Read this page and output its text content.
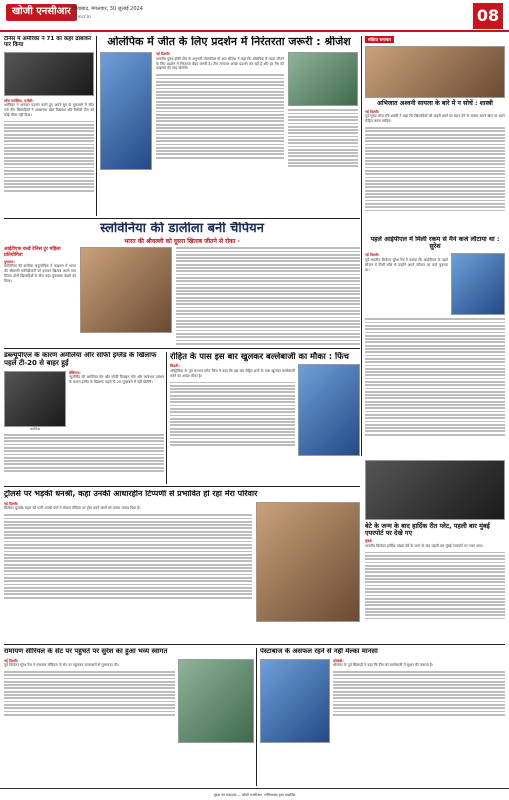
खोजी एनसीआर
गाजियाबाद, मंगलवार, 30 जुलाई 2024
khojincr.in	08
टेनिस में अमेरिका ने 71 का कहर ढाबाकर पार किया
लॉस एंजेलिस, एजेंसी।
अमेरिका ने शानदार प्रदर्शन करते हुए अपने ग्रुप के मुकाबले में जीत दर्ज की। खिलाड़ियों ने आक्रामक खेल दिखाया और विरोधी टीम को कोई मौका नहीं दिया।
ओलंपिक में जीत के लिए प्रदर्शन में निरंतरता जरूरी : श्रीजेश
नई दिल्ली।
भारतीय पुरुष हॉकी टीम के अनुभवी गोलकीपर पी आर श्रीजेश ने कहा कि ओलंपिक में पदक जीतने के लिए प्रदर्शन में निरंतरता बेहद जरूरी है। टीम लगातार अच्छा प्रदर्शन कर रही है और हर मैच को फाइनल की तरह खेलेगी।
संक्षिप्त समाचार
अभिजात अश्वनी सायला के बारे में न सोचें : शास्त्री
नई दिल्ली।
पूर्व मुख्य कोच रवि शास्त्री ने कहा कि खिलाड़ियों को बाहरी बातों पर ध्यान देने के बजाय अपने खेल पर ध्यान केंद्रित करना चाहिए।
स्लोवेनिया की डालीला बनी चैंपियन
भारत की श्रीवल्ली को दूसरा खिताब जीतने से रोका -
आईटीएफ वर्ल्ड टेनिस टूर महिला प्रतियोगिता
गुरुग्राम।
स्लोवेनिया की डालीला जकुपोविक ने फाइनल में भारत की श्रीवल्ली भामिडीपाटी को हराकर खिताब अपने नाम किया। दोनों खिलाड़ियों के बीच कड़ा मुकाबला देखने को मिला।
पहले आईपीएल में मिली रकम से मैने कर्ज लौटाया था : सुरेश
नई दिल्ली।
पूर्व भारतीय क्रिकेटर सुरेश रैना ने बताया कि आईपीएल के पहले सीजन में मिली राशि से उन्होंने अपने परिवार का कर्ज चुकाया था।
डब्ल्यूपीएल के कारण अमेलिया और सोफी इंग्लैंड के खिलाफ पहले टी-20 से बाहर हुईं
अमेलिया
वेलिंग्टन।
न्यूजीलैंड की अमेलिया केर और सोफी डिवाइन चोट और कार्यभार प्रबंधन के कारण इंग्लैंड के खिलाफ पहले टी-20 मुकाबले में नहीं खेलेंगी।
रोहित के पास इस बार खुलकर बल्लेबाजी का मौका : फिंच
सिडनी।
ऑस्ट्रेलिया के पूर्व कप्तान एरोन फिंच ने कहा कि इस बार रोहित शर्मा के पास खुलकर बल्लेबाजी करने का अच्छा मौका है।
ट्रॉलर्स पर भड़कीं धनश्री, कहा उनकी आधारहीन टिप्पणी से प्रभावित हो रहा मेरा परिवार
नई दिल्ली।
क्रिकेटर युजवेंद्र चहल की पत्नी धनश्री वर्मा ने सोशल मीडिया पर ट्रोल करने वालों को करारा जवाब दिया है।
बेटे के जन्म के बाद हार्दिक रीत प्लेट, पहली बार मुंबई एयरपोर्ट पर देखे गए
मुंबई।
भारतीय क्रिकेटर हार्दिक पांड्या बेटे के जन्म के बाद पहली बार मुंबई एयरपोर्ट पर नजर आए।
रामायण सीरियल के सेट पर पहुंचते पर सुरेश का हुआ भव्य स्वागत
नई दिल्ली।
पूर्व क्रिकेटर सुरेश रैना ने रामायण सीरियल के सेट पर पहुंचकर कलाकारों से मुलाकात की।
पेस्टाबाज के असफल रहने से नहीं मेल्का मानसा
कोलंबो।
श्रीलंका के पूर्व खिलाड़ी ने कहा कि टीम को बल्लेबाजी में सुधार की जरूरत है।
मुद्रक एवं प्रकाशक — खोजी एनसीआर, गाजियाबाद द्वारा प्रकाशित
